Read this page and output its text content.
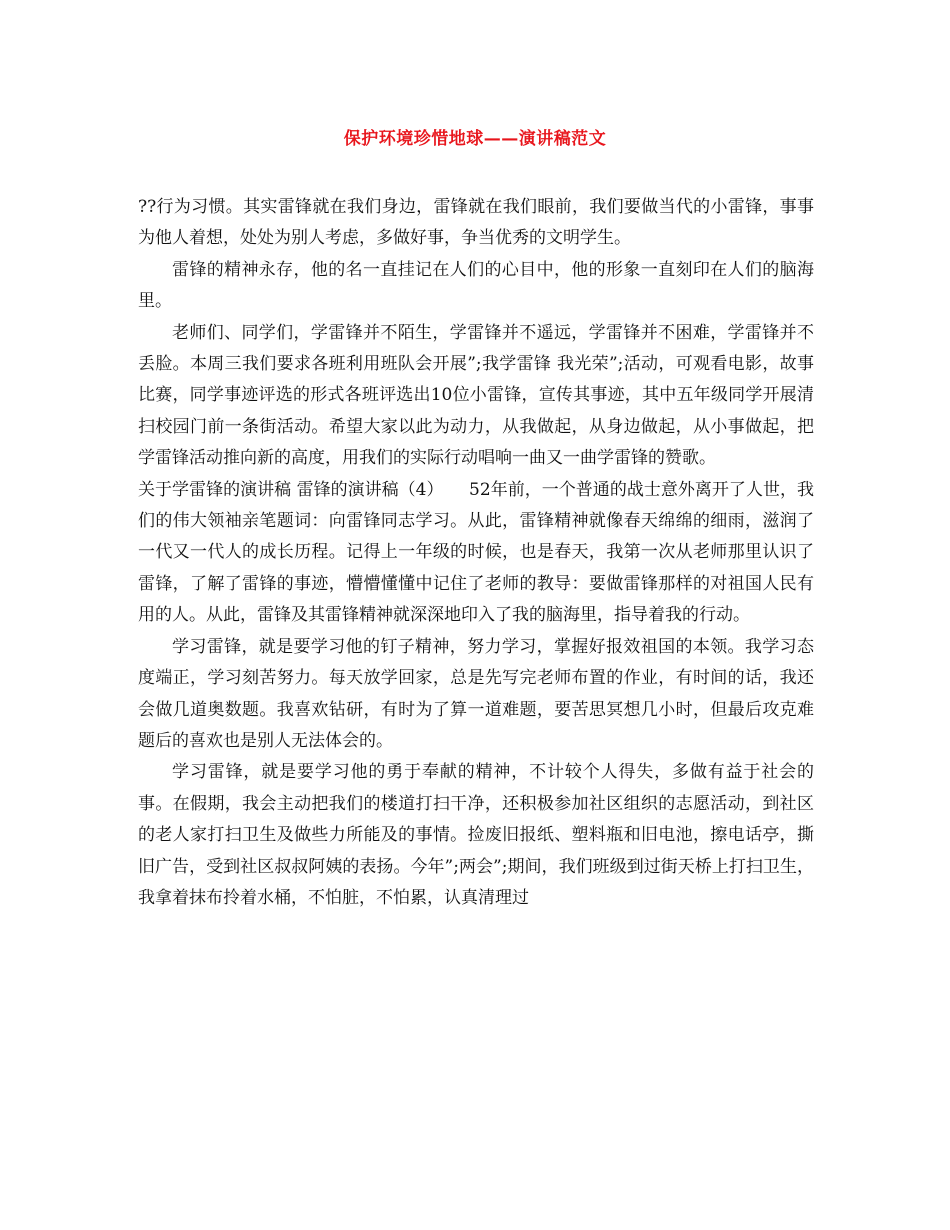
保护环境珍惜地球——演讲稿范文

??行为习惯。其实雷锋就在我们身边，雷锋就在我们眼前，我们要做当代的小雷锋，事事为他人着想，处处为别人考虑，多做好事，争当优秀的文明学生。

雷锋的精神永存，他的名一直挂记在人们的心目中，他的形象一直刻印在人们的脑海里。

老师们、同学们，学雷锋并不陌生，学雷锋并不遥远，学雷锋并不困难，学雷锋并不丢脸。本周三我们要求各班利用班队会开展”;我学雷锋 我光荣”;活动，可观看电影，故事比赛，同学事迹评选的形式各班评选出10位小雷锋，宣传其事迹，其中五年级同学开展清扫校园门前一条街活动。希望大家以此为动力，从我做起，从身边做起，从小事做起，把学雷锋活动推向新的高度，用我们的实际行动唱响一曲又一曲学雷锋的赞歌。

关于学雷锋的演讲稿 雷锋的演讲稿（4）　　52年前，一个普通的战士意外离开了人世，我们的伟大领袖亲笔题词：向雷锋同志学习。从此，雷锋精神就像春天绵绵的细雨，滋润了一代又一代人的成长历程。记得上一年级的时候，也是春天，我第一次从老师那里认识了雷锋，了解了雷锋的事迹，懵懵懂懂中记住了老师的教导：要做雷锋那样的对祖国人民有用的人。从此，雷锋及其雷锋精神就深深地印入了我的脑海里，指导着我的行动。

学习雷锋，就是要学习他的钉子精神，努力学习，掌握好报效祖国的本领。我学习态度端正，学习刻苦努力。每天放学回家，总是先写完老师布置的作业，有时间的话，我还会做几道奥数题。我喜欢钻研，有时为了算一道难题，要苦思冥想几小时，但最后攻克难题后的喜欢也是别人无法体会的。

学习雷锋，就是要学习他的勇于奉献的精神，不计较个人得失，多做有益于社会的事。在假期，我会主动把我们的楼道打扫干净，还积极参加社区组织的志愿活动，到社区的老人家打扫卫生及做些力所能及的事情。捡废旧报纸、塑料瓶和旧电池，擦电话亭，撕旧广告，受到社区叔叔阿姨的表扬。今年”;两会”;期间，我们班级到过街天桥上打扫卫生，我拿着抹布拎着水桶，不怕脏，不怕累，认真清理过
